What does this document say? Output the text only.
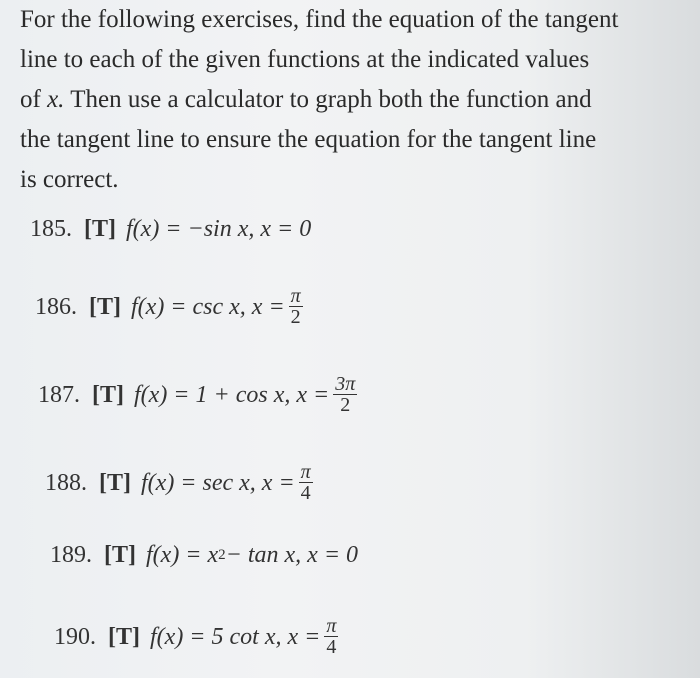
For the following exercises, find the equation of the tangent
line to each of the given functions at the indicated values
of x. Then use a calculator to graph both the function and
the tangent line to ensure the equation for the tangent line
is correct.
185. [T] f(x) = −sin x,
x = 0
186. [T] f(x) = csc x,
$x = \frac{\pi}{2}$
187. [T] f(x) = 1 + cos x,
$x = \frac{3\pi}{2}$
188. [T] f(x) = sec x,
$x = \frac{\pi}{4}$
189. [T] f(x) = x 2 − tan x,
x = 0
190. [T] f(x) = 5 cot x,
$x = \frac{\pi}{4}$
